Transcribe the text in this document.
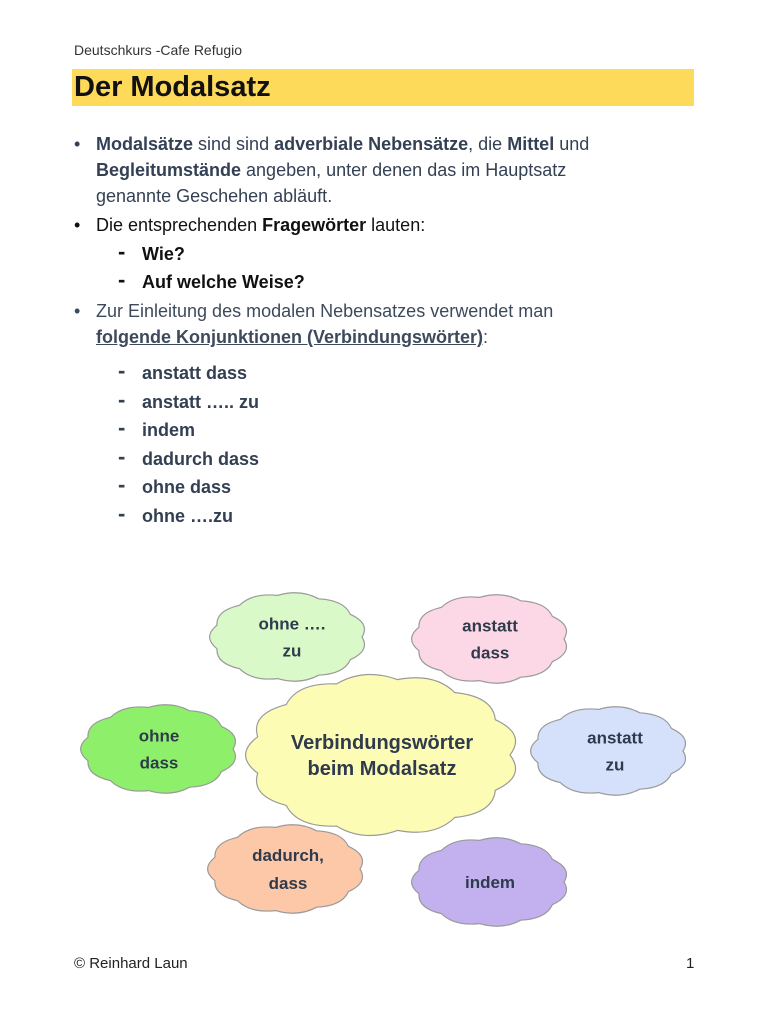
Deutschkurs -Cafe Refugio
Der Modalsatz
• Modalsätze sind sind adverbiale Nebensätze, die Mittel und
Begleitumstände angeben, unter denen das im Hauptsatz
genannte Geschehen abläuft.
• Die entsprechenden Fragewörter lauten:
- Wie?
- Auf welche Weise?
• Zur Einleitung des modalen Nebensatzes verwendet man
folgende Konjunktionen (Verbindungswörter):
- anstatt dass
- anstatt ….. zu
- indem
- dadurch dass
- ohne dass
- ohne ….zu
ohne ….
zu
anstatt
dass
ohne
dass
anstatt
zu
dadurch,
dass	indem
Verbindungswörter
beim Modalsatz
© Reinhard Laun	1
